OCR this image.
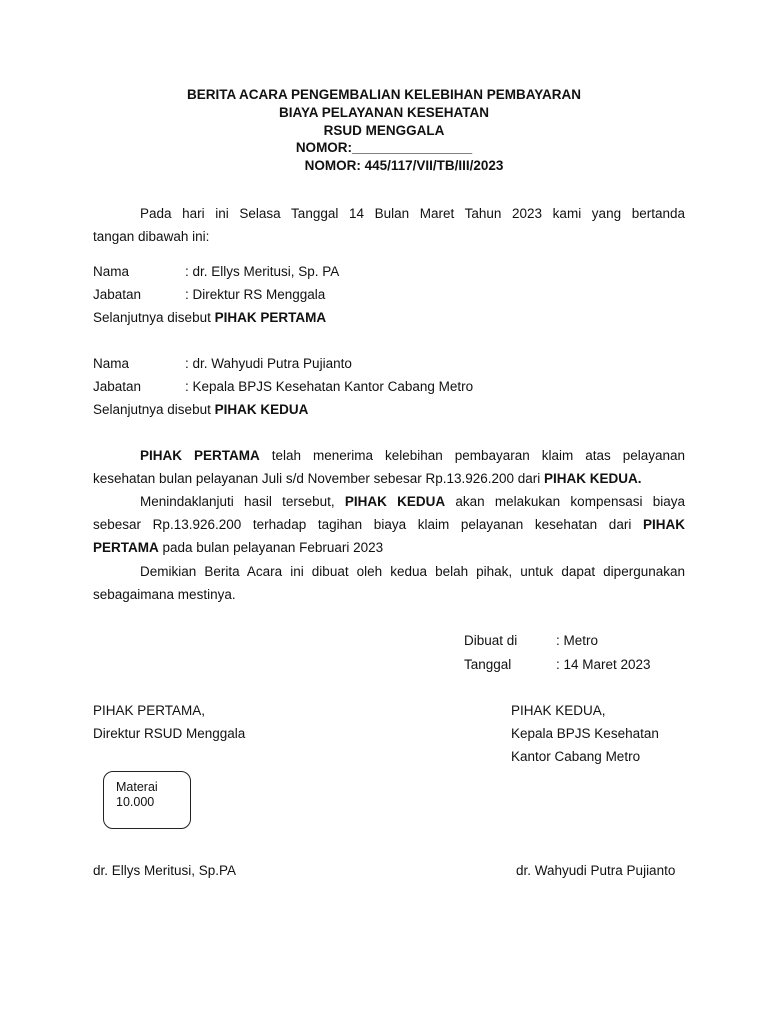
BERITA ACARA PENGEMBALIAN KELEBIHAN PEMBAYARAN
BIAYA PELAYANAN KESEHATAN
RSUD MENGGALA
NOMOR:________________
NOMOR: 445/117/VII/TB/III/2023
Pada hari ini Selasa Tanggal 14 Bulan Maret Tahun 2023 kami yang bertanda
tangan dibawah ini:
Nama	: dr. Ellys Meritusi, Sp. PA
Jabatan	: Direktur RS Menggala
Selanjutnya disebut PIHAK PERTAMA
Nama	: dr. Wahyudi Putra Pujianto
Jabatan	: Kepala BPJS Kesehatan Kantor Cabang Metro
Selanjutnya disebut PIHAK KEDUA
PIHAK PERTAMA telah menerima kelebihan pembayaran klaim atas pelayanan
kesehatan bulan pelayanan Juli s/d November sebesar Rp.13.926.200 dari PIHAK KEDUA.
Menindaklanjuti hasil tersebut, PIHAK KEDUA akan melakukan kompensasi biaya
sebesar Rp.13.926.200 terhadap tagihan biaya klaim pelayanan kesehatan dari PIHAK
PERTAMA pada bulan pelayanan Februari 2023
Demikian Berita Acara ini dibuat oleh kedua belah pihak, untuk dapat dipergunakan
sebagaimana mestinya.
Dibuat di	: Metro
Tanggal	: 14 Maret 2023
PIHAK PERTAMA,
Direktur RSUD Menggala
PIHAK KEDUA,
Kepala BPJS Kesehatan
Kantor Cabang Metro
Materai
10.000
dr. Ellys Meritusi, Sp.PA	dr. Wahyudi Putra Pujianto
